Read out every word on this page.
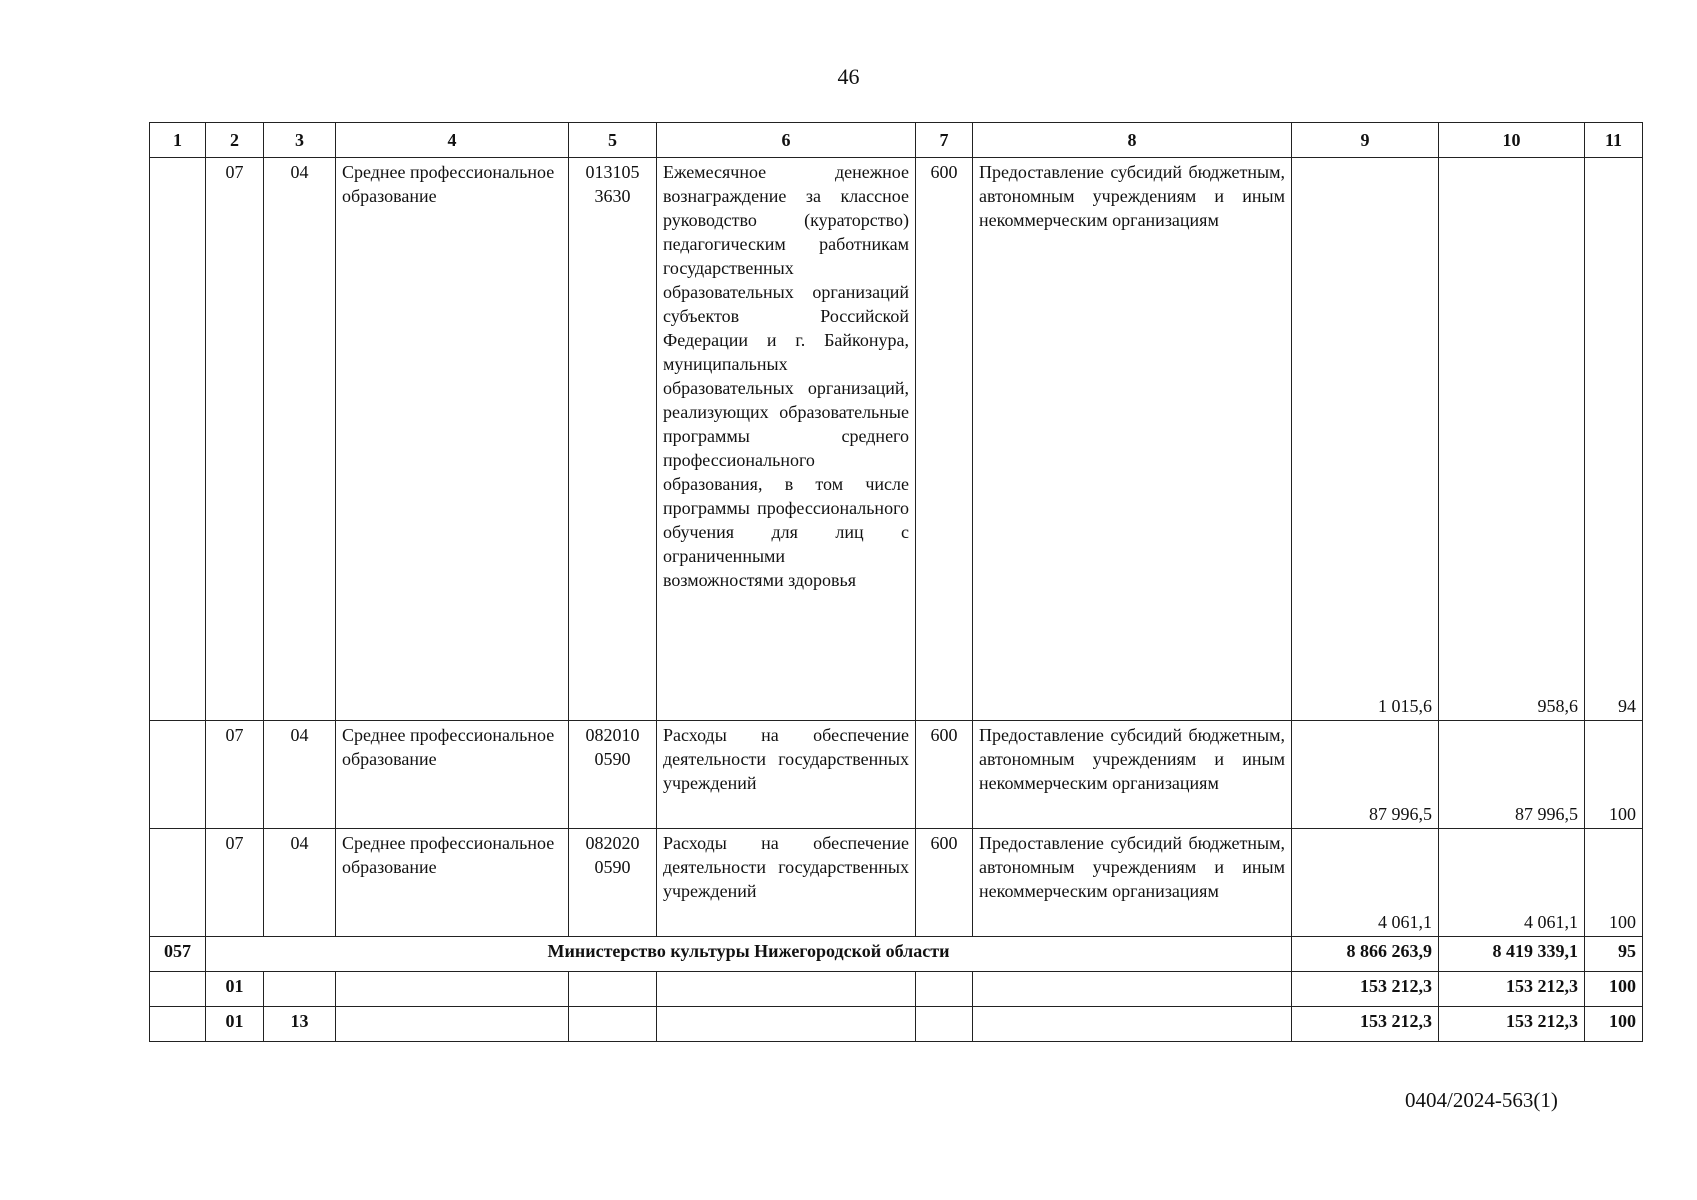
46
1	2	3	4	5	6	7	8	9	10	11
	07	04	Среднее профессиональное образование	013105 3630	Ежемесячное денежное вознаграждение за классное руководство (кураторство) педагогическим работникам государственных образовательных организаций субъектов Российской Федерации и г. Байконура, муниципальных образовательных организаций, реализующих образовательные программы среднего профессионального образования, в том числе программы профессионального обучения для лиц с ограниченными возможностями здоровья	600	Предоставление субсидий бюджетным, автономным учреждениям и иным некоммерческим организациям	1 015,6	958,6	94
	07	04	Среднее профессиональное образование	082010 0590	Расходы на обеспечение деятельности государственных учреждений	600	Предоставление субсидий бюджетным, автономным учреждениям и иным некоммерческим организациям	87 996,5	87 996,5	100
	07	04	Среднее профессиональное образование	082020 0590	Расходы на обеспечение деятельности государственных учреждений	600	Предоставление субсидий бюджетным, автономным учреждениям и иным некоммерческим организациям	4 061,1	4 061,1	100
057	Министерство культуры Нижегородской области							8 866 263,9	8 419 339,1	95
	01							153 212,3	153 212,3	100
	01	13						153 212,3	153 212,3	100
0404/2024-563(1)
